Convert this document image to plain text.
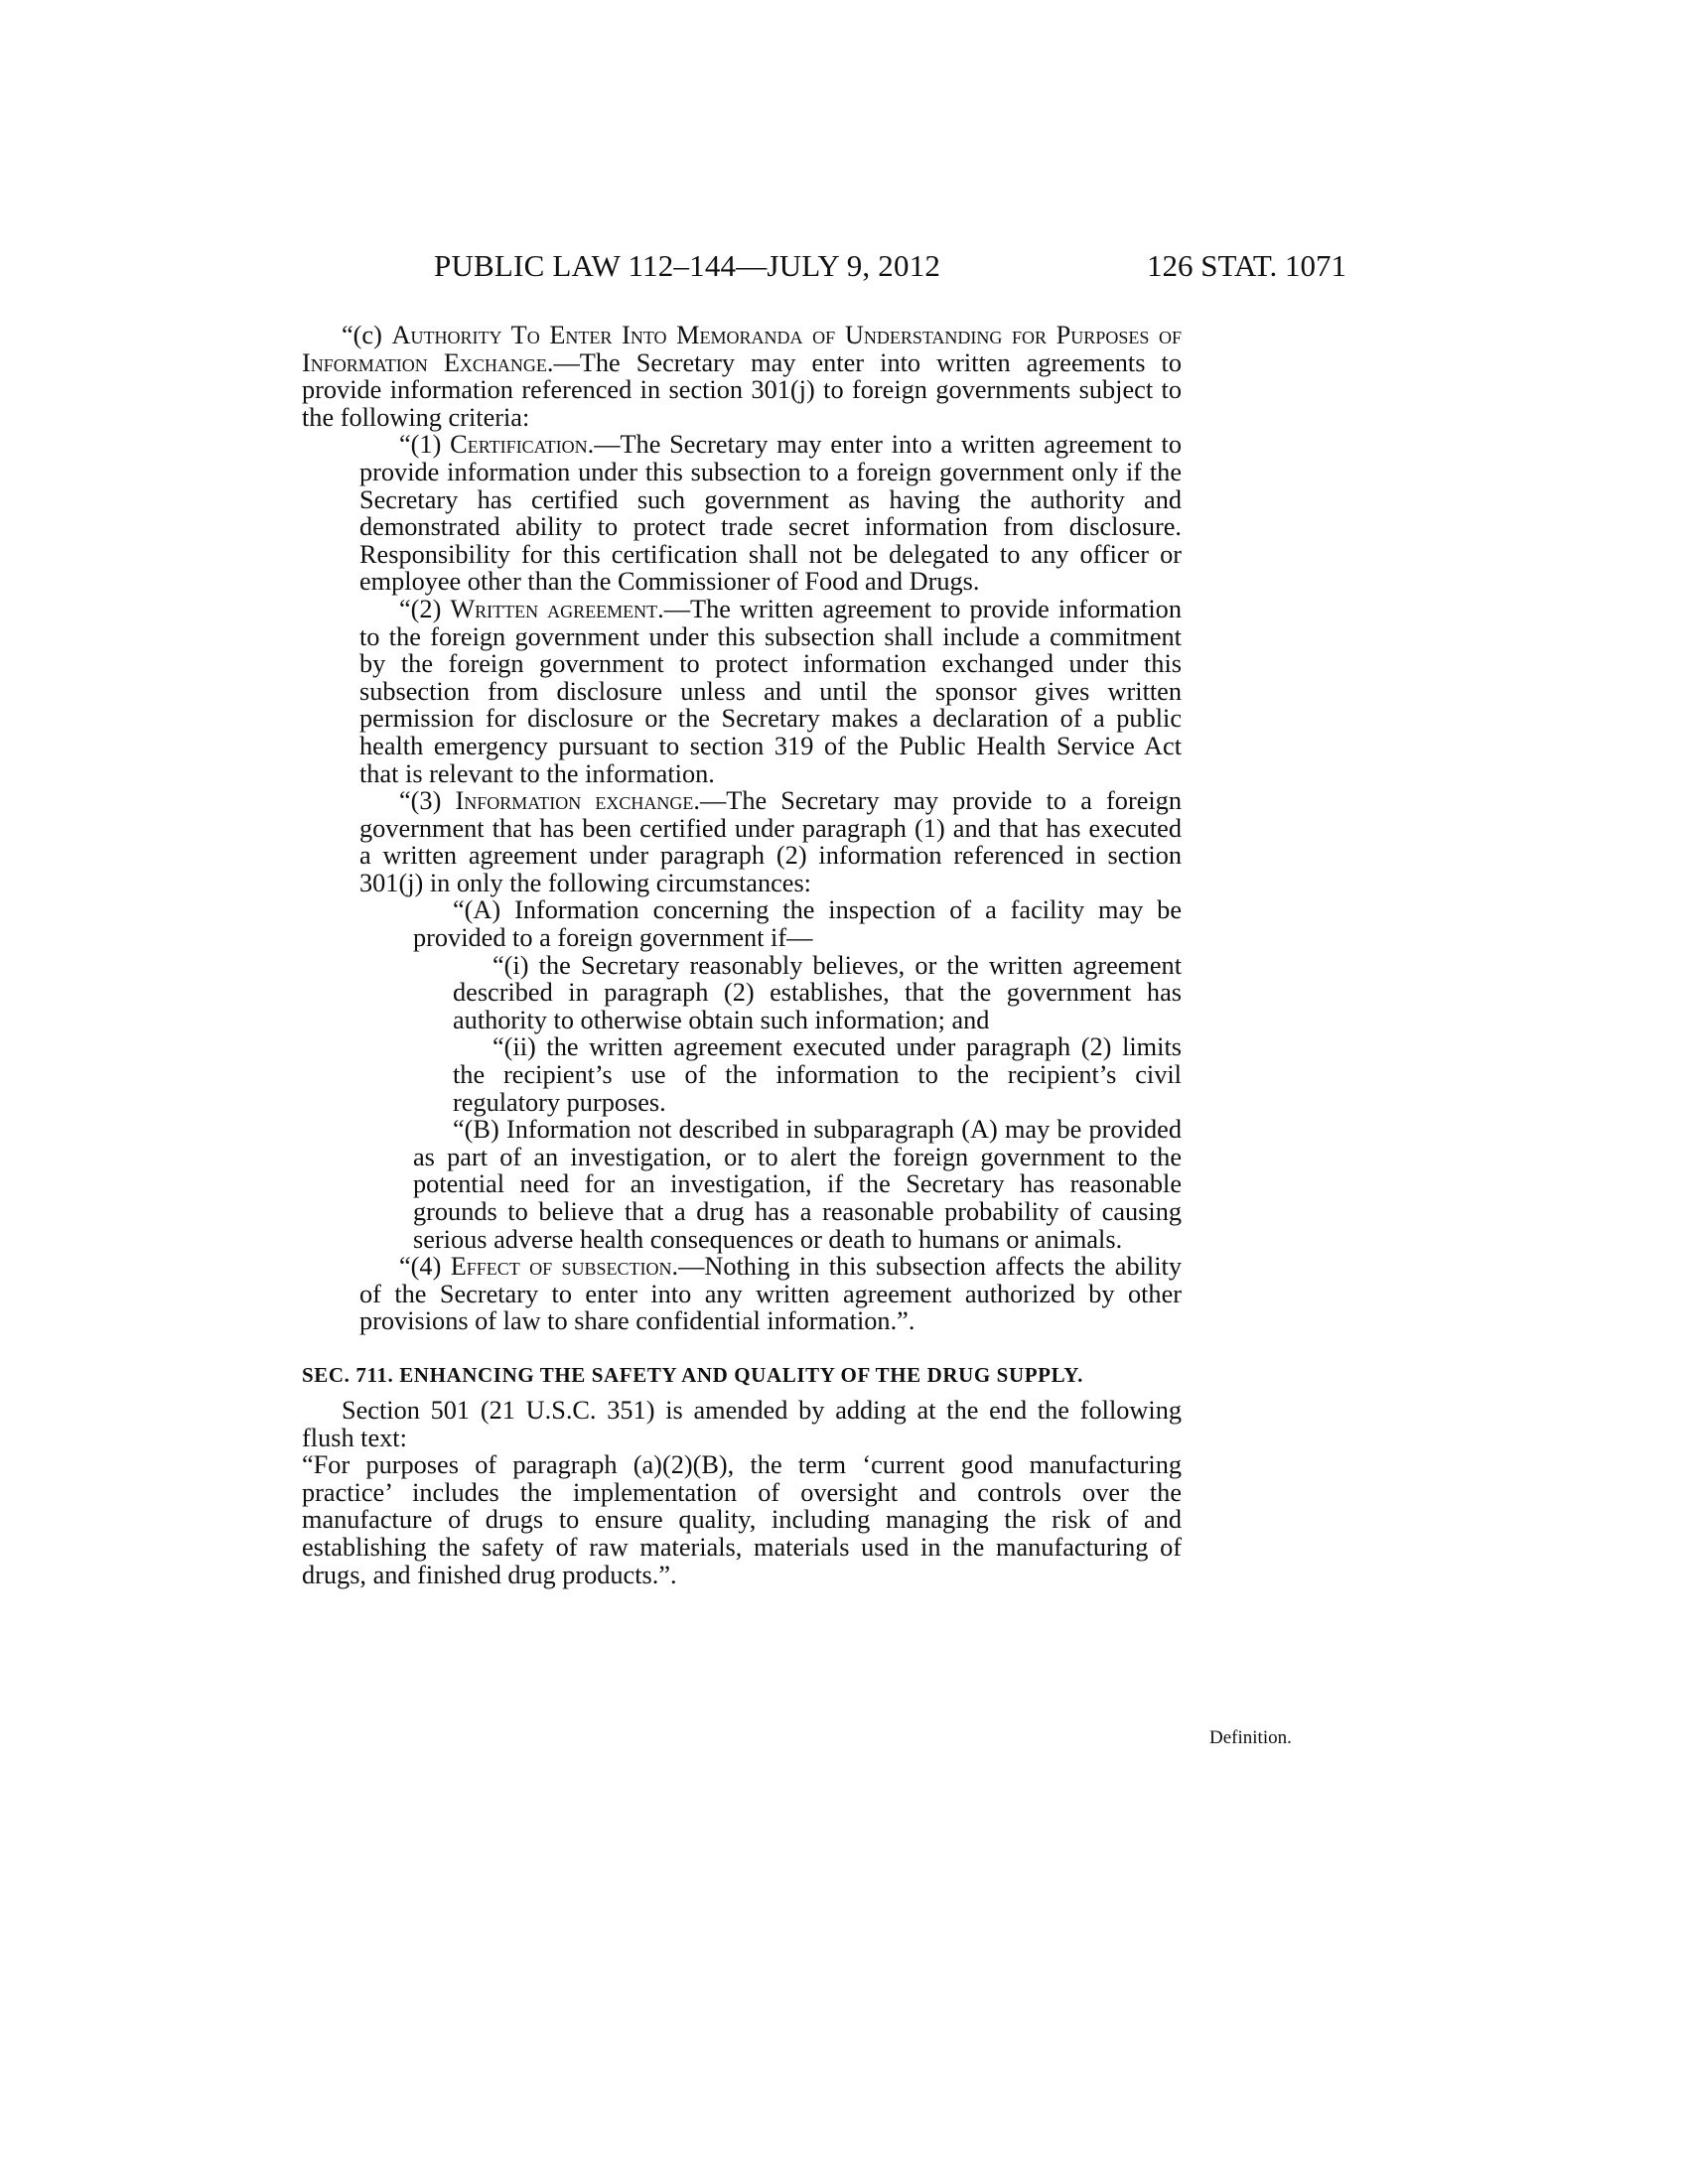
PUBLIC LAW 112–144—JULY 9, 2012	126 STAT. 1071

“(c) Authority To Enter Into Memoranda of Understanding for Purposes of Information Exchange.—The Secretary may enter into written agreements to provide information referenced in section 301(j) to foreign governments subject to the following criteria:

“(1) Certification.—The Secretary may enter into a written agreement to provide information under this subsection to a foreign government only if the Secretary has certified such government as having the authority and demonstrated ability to protect trade secret information from disclosure. Responsibility for this certification shall not be delegated to any officer or employee other than the Commissioner of Food and Drugs.

“(2) Written agreement.—The written agreement to provide information to the foreign government under this subsection shall include a commitment by the foreign government to protect information exchanged under this subsection from disclosure unless and until the sponsor gives written permission for disclosure or the Secretary makes a declaration of a public health emergency pursuant to section 319 of the Public Health Service Act that is relevant to the information.

“(3) Information exchange.—The Secretary may provide to a foreign government that has been certified under paragraph (1) and that has executed a written agreement under paragraph (2) information referenced in section 301(j) in only the following circumstances:

“(A) Information concerning the inspection of a facility may be provided to a foreign government if—

“(i) the Secretary reasonably believes, or the written agreement described in paragraph (2) establishes, that the government has authority to otherwise obtain such information; and

“(ii) the written agreement executed under paragraph (2) limits the recipient’s use of the information to the recipient’s civil regulatory purposes.

“(B) Information not described in subparagraph (A) may be provided as part of an investigation, or to alert the foreign government to the potential need for an investigation, if the Secretary has reasonable grounds to believe that a drug has a reasonable probability of causing serious adverse health consequences or death to humans or animals.

“(4) Effect of subsection.—Nothing in this subsection affects the ability of the Secretary to enter into any written agreement authorized by other provisions of law to share confidential information.”.

SEC. 711. ENHANCING THE SAFETY AND QUALITY OF THE DRUG SUPPLY.

Section 501 (21 U.S.C. 351) is amended by adding at the end the following flush text:

“For purposes of paragraph (a)(2)(B), the term ‘current good manufacturing practice’ includes the implementation of oversight and controls over the manufacture of drugs to ensure quality, including managing the risk of and establishing the safety of raw materials, materials used in the manufacturing of drugs, and finished drug products.”.

Definition.
